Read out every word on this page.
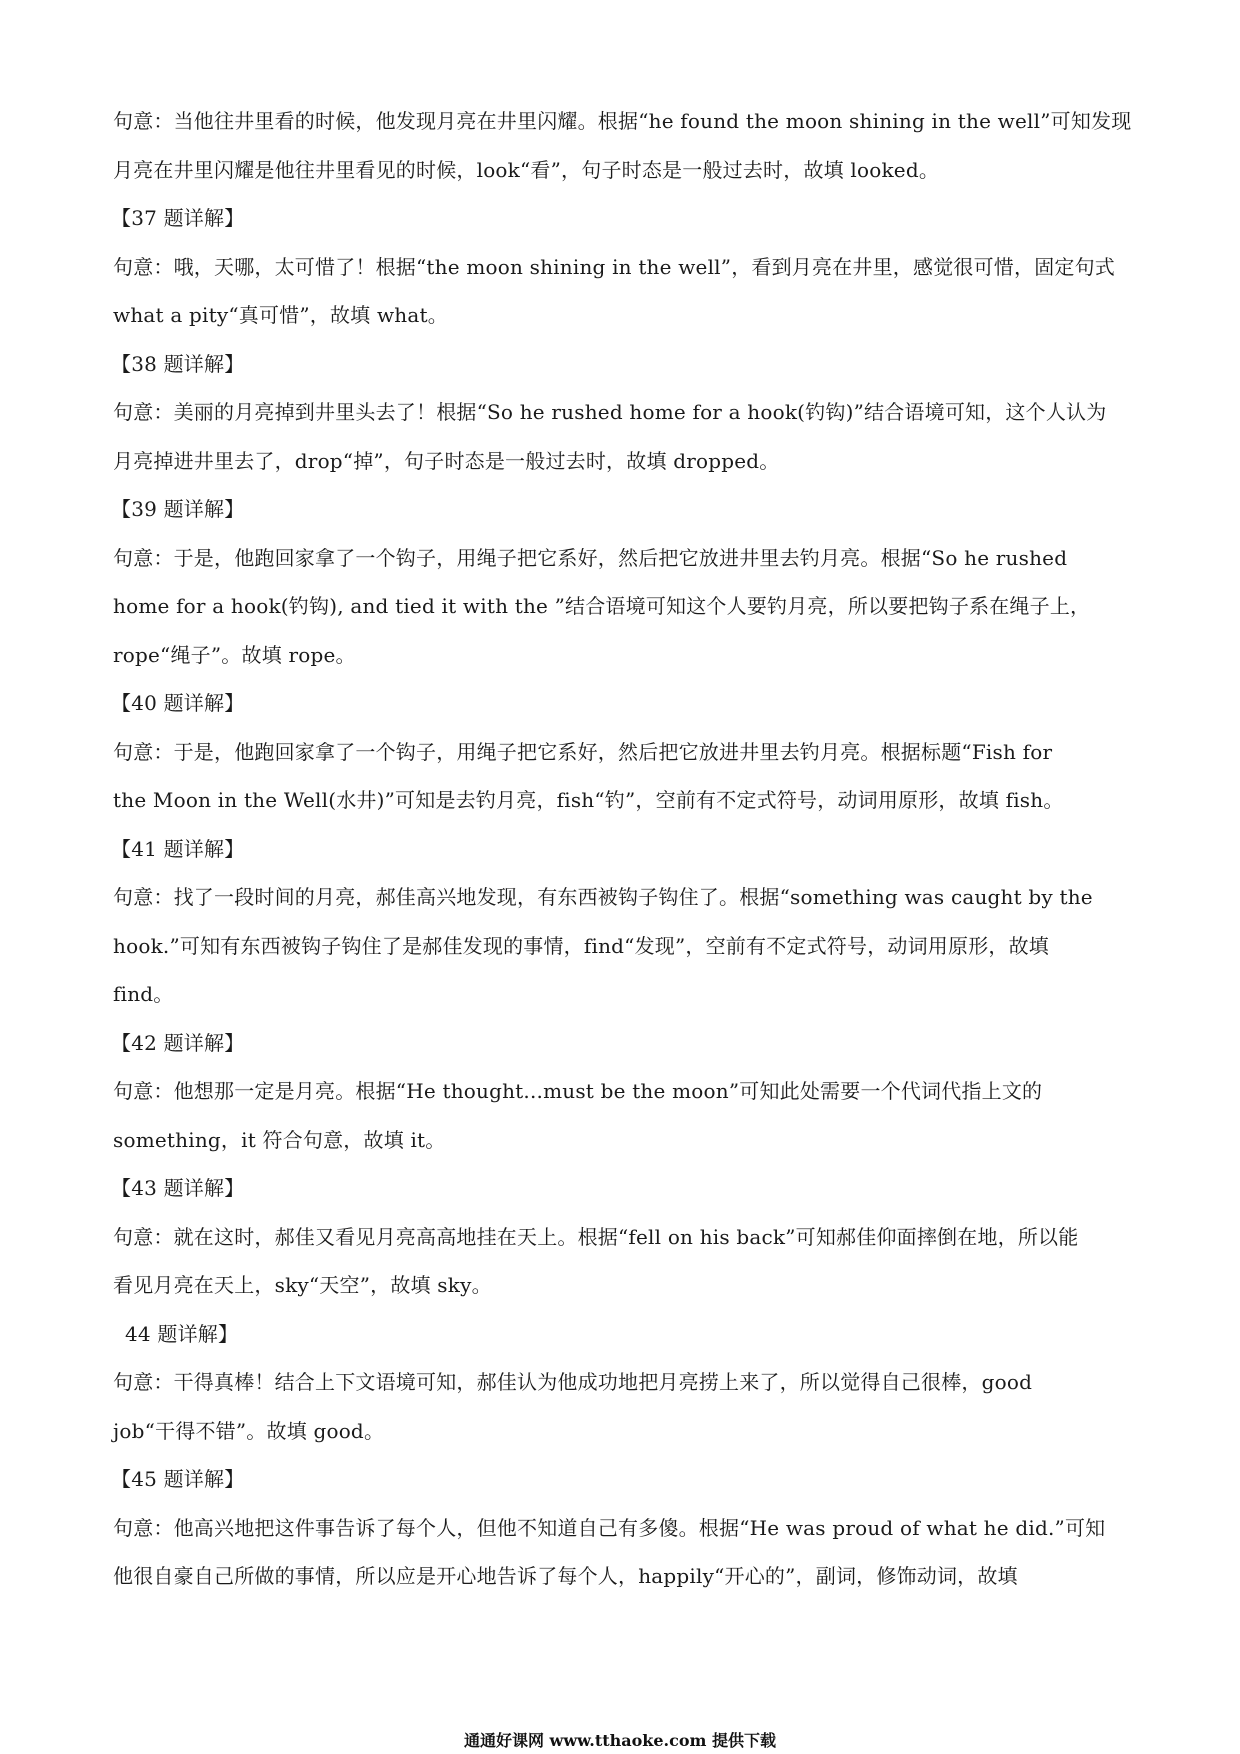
句意：当他往井里看的时候，他发现月亮在井里闪耀。根据“he found the moon shining in the well”可知发现
月亮在井里闪耀是他往井里看见的时候，look“看”，句子时态是一般过去时，故填 looked。
【37 题详解】
句意：哦，天哪，太可惜了！根据“the moon shining in the well”，看到月亮在井里，感觉很可惜，固定句式
what a pity“真可惜”，故填 what。
【38 题详解】
句意：美丽的月亮掉到井里头去了！根据“So he rushed home for a hook(钓钩)”结合语境可知，这个人认为
月亮掉进井里去了，drop“掉”，句子时态是一般过去时，故填 dropped。
【39 题详解】
句意：于是，他跑回家拿了一个钩子，用绳子把它系好，然后把它放进井里去钓月亮。根据“So he rushed
home for a hook(钓钩), and tied it with the ”结合语境可知这个人要钓月亮，所以要把钩子系在绳子上，
rope“绳子”。故填 rope。
【40 题详解】
句意：于是，他跑回家拿了一个钩子，用绳子把它系好，然后把它放进井里去钓月亮。根据标题“Fish for
the Moon in the Well(水井)”可知是去钓月亮，fish“钓”，空前有不定式符号，动词用原形，故填 fish。
【41 题详解】
句意：找了一段时间的月亮，郝佳高兴地发现，有东西被钩子钩住了。根据“something was caught by the
hook.”可知有东西被钩子钩住了是郝佳发现的事情，find“发现”，空前有不定式符号，动词用原形，故填
find。
【42 题详解】
句意：他想那一定是月亮。根据“He thought...must be the moon”可知此处需要一个代词代指上文的
something，it 符合句意，故填 it。
【43 题详解】
句意：就在这时，郝佳又看见月亮高高地挂在天上。根据“fell on his back”可知郝佳仰面摔倒在地，所以能
看见月亮在天上，sky“天空”，故填 sky。
44 题详解】
句意：干得真棒！结合上下文语境可知，郝佳认为他成功地把月亮捞上来了，所以觉得自己很棒，good
job“干得不错”。故填 good。
【45 题详解】
句意：他高兴地把这件事告诉了每个人，但他不知道自己有多傻。根据“He was proud of what he did.”可知
他很自豪自己所做的事情，所以应是开心地告诉了每个人，happily“开心的”，副词，修饰动词，故填
通通好课网 www.tthaoke.com 提供下载
